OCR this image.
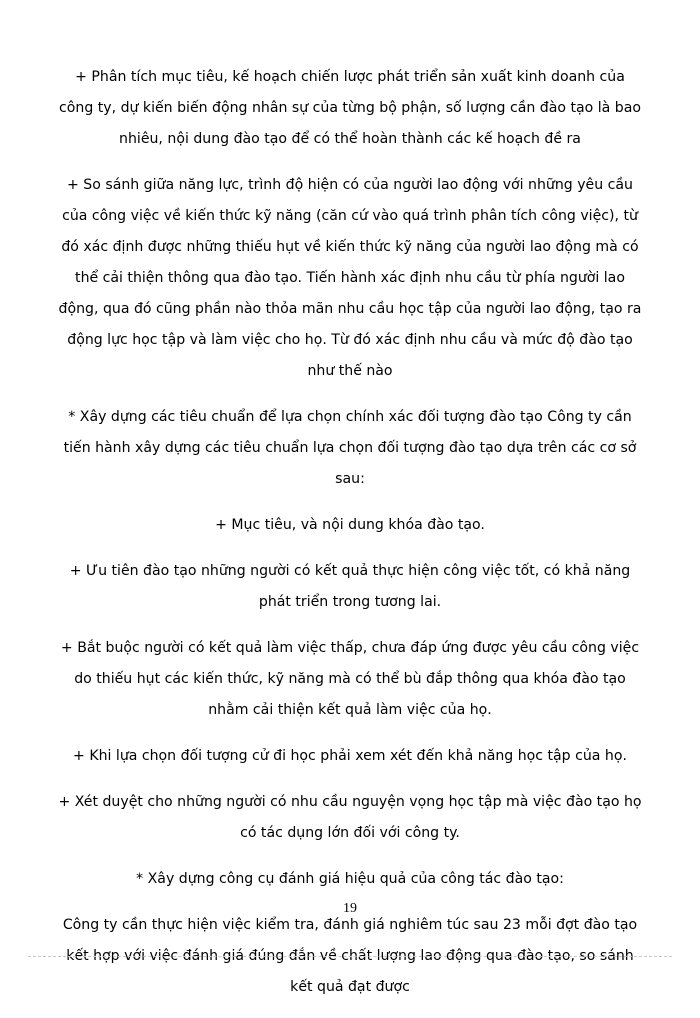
+ Phân tích mục tiêu, kế hoạch chiến lược phát triển sản xuất kinh doanh của công ty, dự kiến biến động nhân sự của từng bộ phận, số lượng cần đào tạo là bao nhiêu, nội dung đào tạo để có thể hoàn thành các kế hoạch đề ra

+ So sánh giữa năng lực, trình độ hiện có của người lao động với những yêu cầu của công việc về kiến thức kỹ năng (căn cứ vào quá trình phân tích công việc), từ đó xác định được những thiếu hụt về kiến thức kỹ năng của người lao động mà có thể cải thiện thông qua đào tạo. Tiến hành xác định nhu cầu từ phía người lao động, qua đó cũng phần nào thỏa mãn nhu cầu học tập của người lao động, tạo ra động lực học tập và làm việc cho họ. Từ đó xác định nhu cầu và mức độ đào tạo như thế nào

* Xây dựng các tiêu chuẩn để lựa chọn chính xác đối tượng đào tạo Công ty cần tiến hành xây dựng các tiêu chuẩn lựa chọn đối tượng đào tạo dựa trên các cơ sở sau:

+ Mục tiêu, và nội dung khóa đào tạo.

+ Ưu tiên đào tạo những người có kết quả thực hiện công việc tốt, có khả năng phát triển trong tương lai.

+ Bắt buộc người có kết quả làm việc thấp, chưa đáp ứng được yêu cầu công việc do thiếu hụt các kiến thức, kỹ năng mà có thể bù đắp thông qua khóa đào tạo nhằm cải thiện kết quả làm việc của họ.

+ Khi lựa chọn đối tượng cử đi học phải xem xét đến khả năng học tập của họ.

+ Xét duyệt cho những người có nhu cầu nguyện vọng học tập mà việc đào tạo họ có tác dụng lớn đối với công ty.

* Xây dựng công cụ đánh giá hiệu quả của công tác đào tạo:

Công ty cần thực hiện việc kiểm tra, đánh giá nghiêm túc sau 23 mỗi đợt đào tạo kết hợp với việc đánh giá đúng đắn về chất lượng lao động qua đào tạo, so sánh kết quả đạt được

19
